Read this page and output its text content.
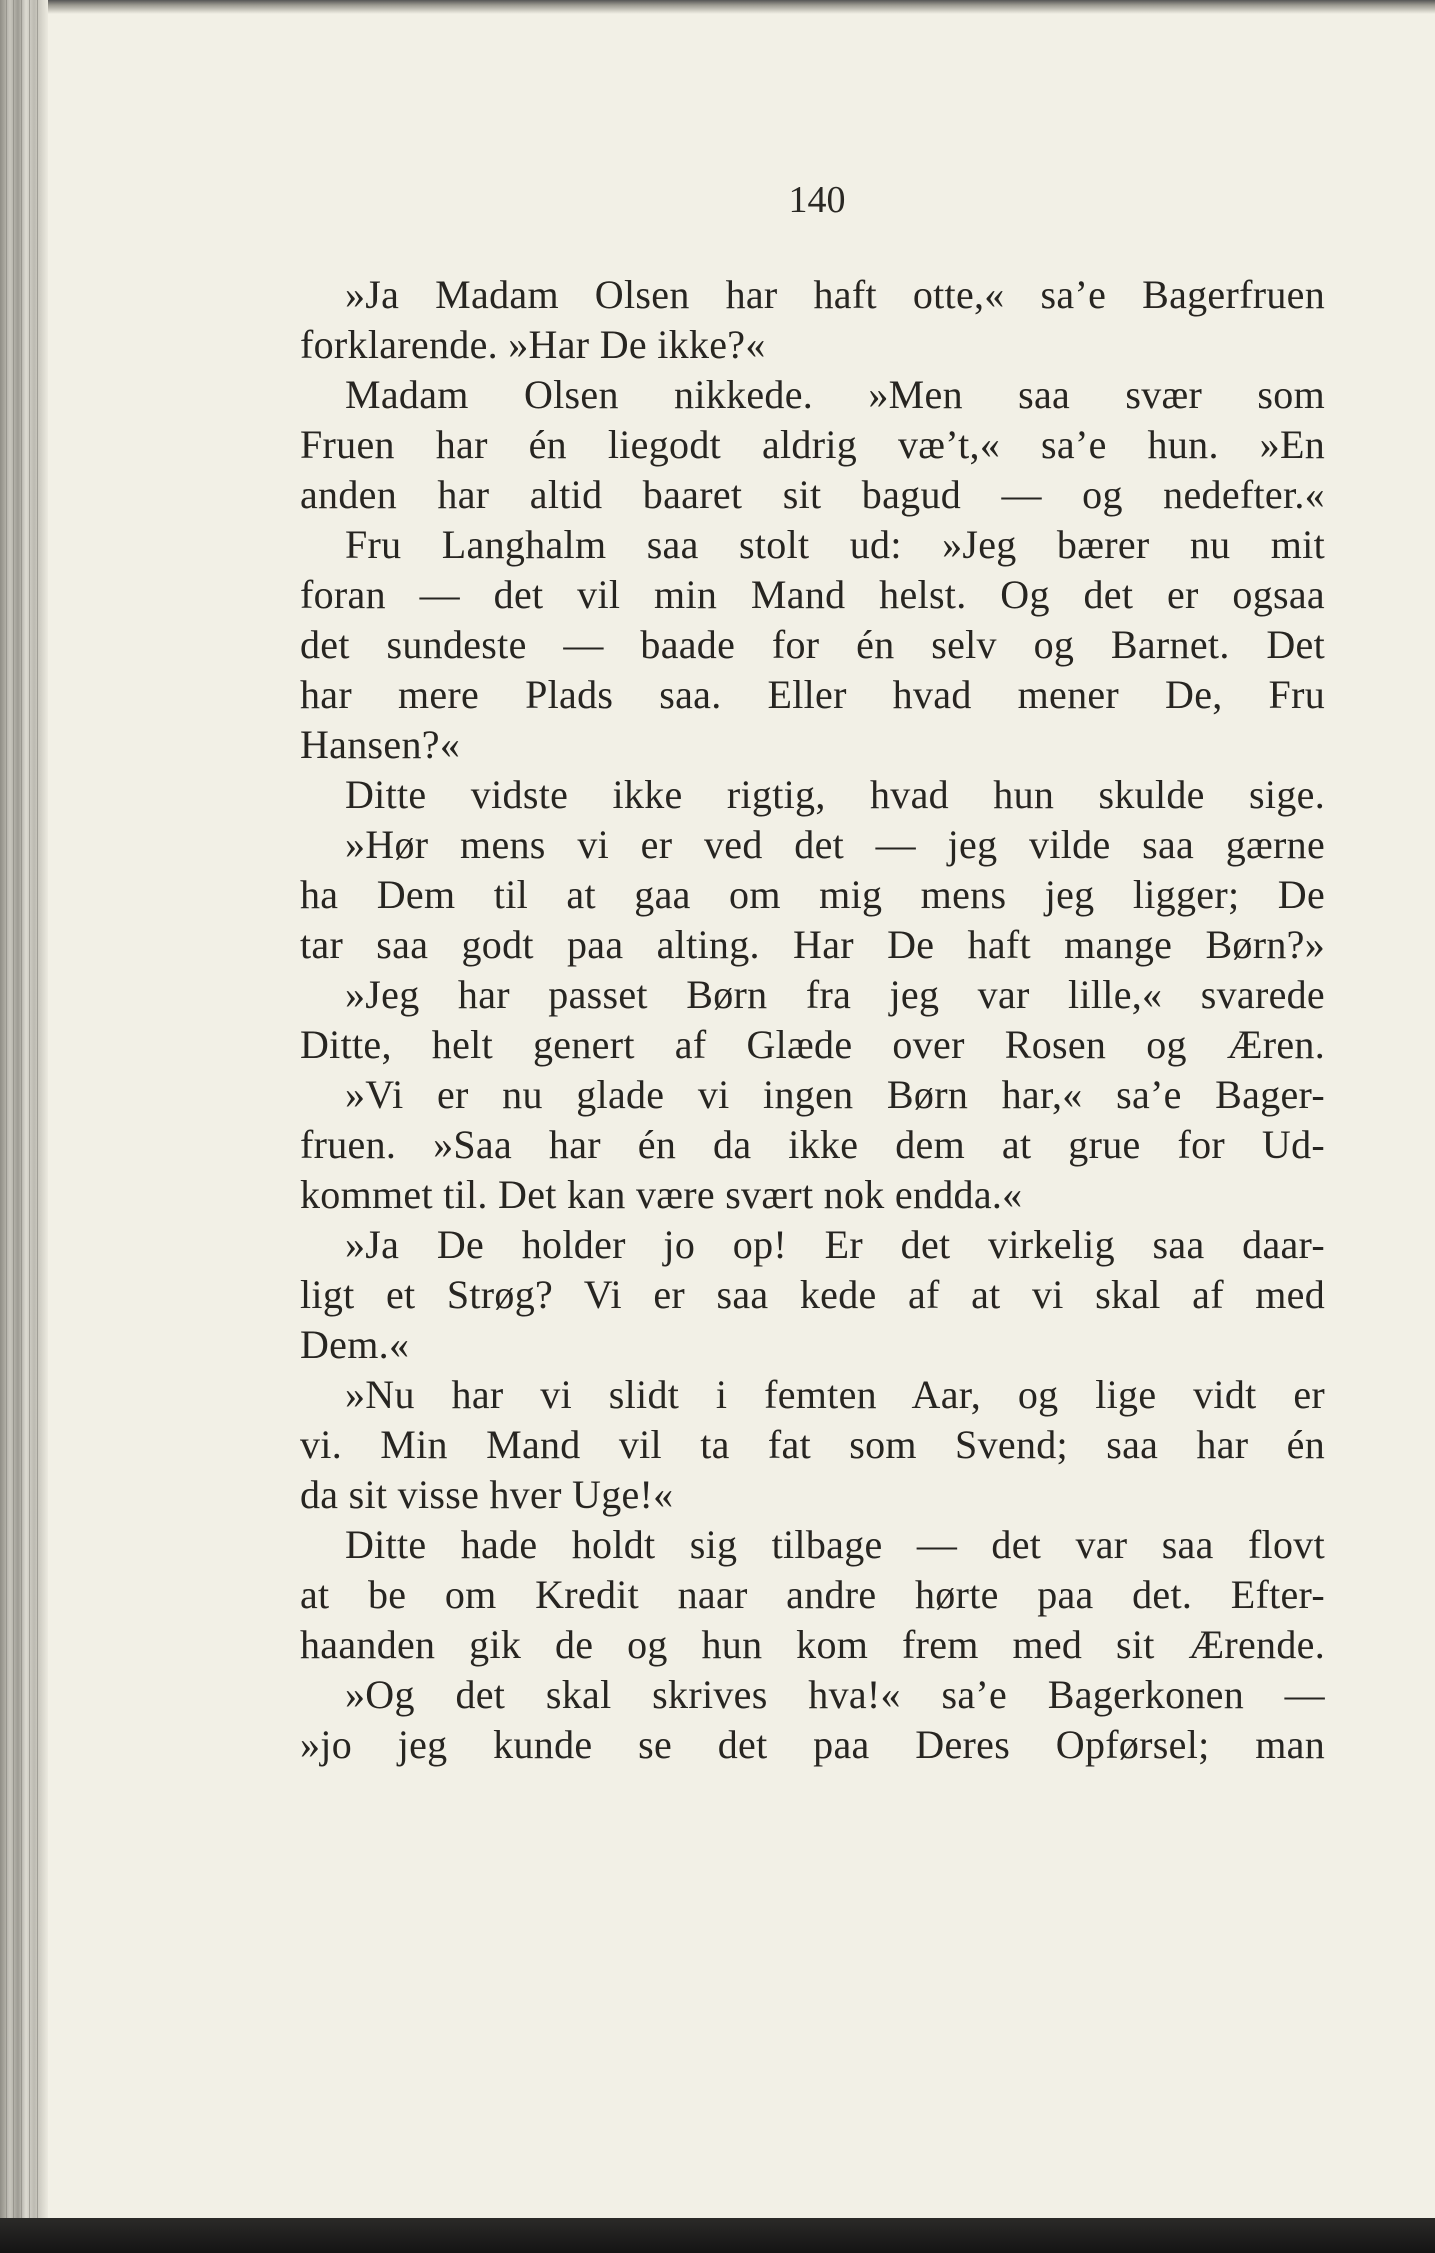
140
»Ja Madam Olsen har haft otte,« sa’e Bagerfruen
forklarende. »Har De ikke?«
Madam Olsen nikkede. »Men saa svær som
Fruen har én liegodt aldrig væ’t,« sa’e hun. »En
anden har altid baaret sit bagud — og nedefter.«
Fru Langhalm saa stolt ud: »Jeg bærer nu mit
foran — det vil min Mand helst. Og det er ogsaa
det sundeste — baade for én selv og Barnet. Det
har mere Plads saa. Eller hvad mener De, Fru
Hansen?«
Ditte vidste ikke rigtig, hvad hun skulde sige.
»Hør mens vi er ved det — jeg vilde saa gærne
ha Dem til at gaa om mig mens jeg ligger; De
tar saa godt paa alting. Har De haft mange Børn?»
»Jeg har passet Børn fra jeg var lille,« svarede
Ditte, helt genert af Glæde over Rosen og Æren.
»Vi er nu glade vi ingen Børn har,« sa’e Bager-
fruen. »Saa har én da ikke dem at grue for Ud-
kommet til. Det kan være svært nok endda.«
»Ja De holder jo op! Er det virkelig saa daar-
ligt et Strøg? Vi er saa kede af at vi skal af med
Dem.«
»Nu har vi slidt i femten Aar, og lige vidt er
vi. Min Mand vil ta fat som Svend; saa har én
da sit visse hver Uge!«
Ditte hade holdt sig tilbage — det var saa flovt
at be om Kredit naar andre hørte paa det. Efter-
haanden gik de og hun kom frem med sit Ærende.
»Og det skal skrives hva!« sa’e Bagerkonen —
»jo jeg kunde se det paa Deres Opførsel; man
